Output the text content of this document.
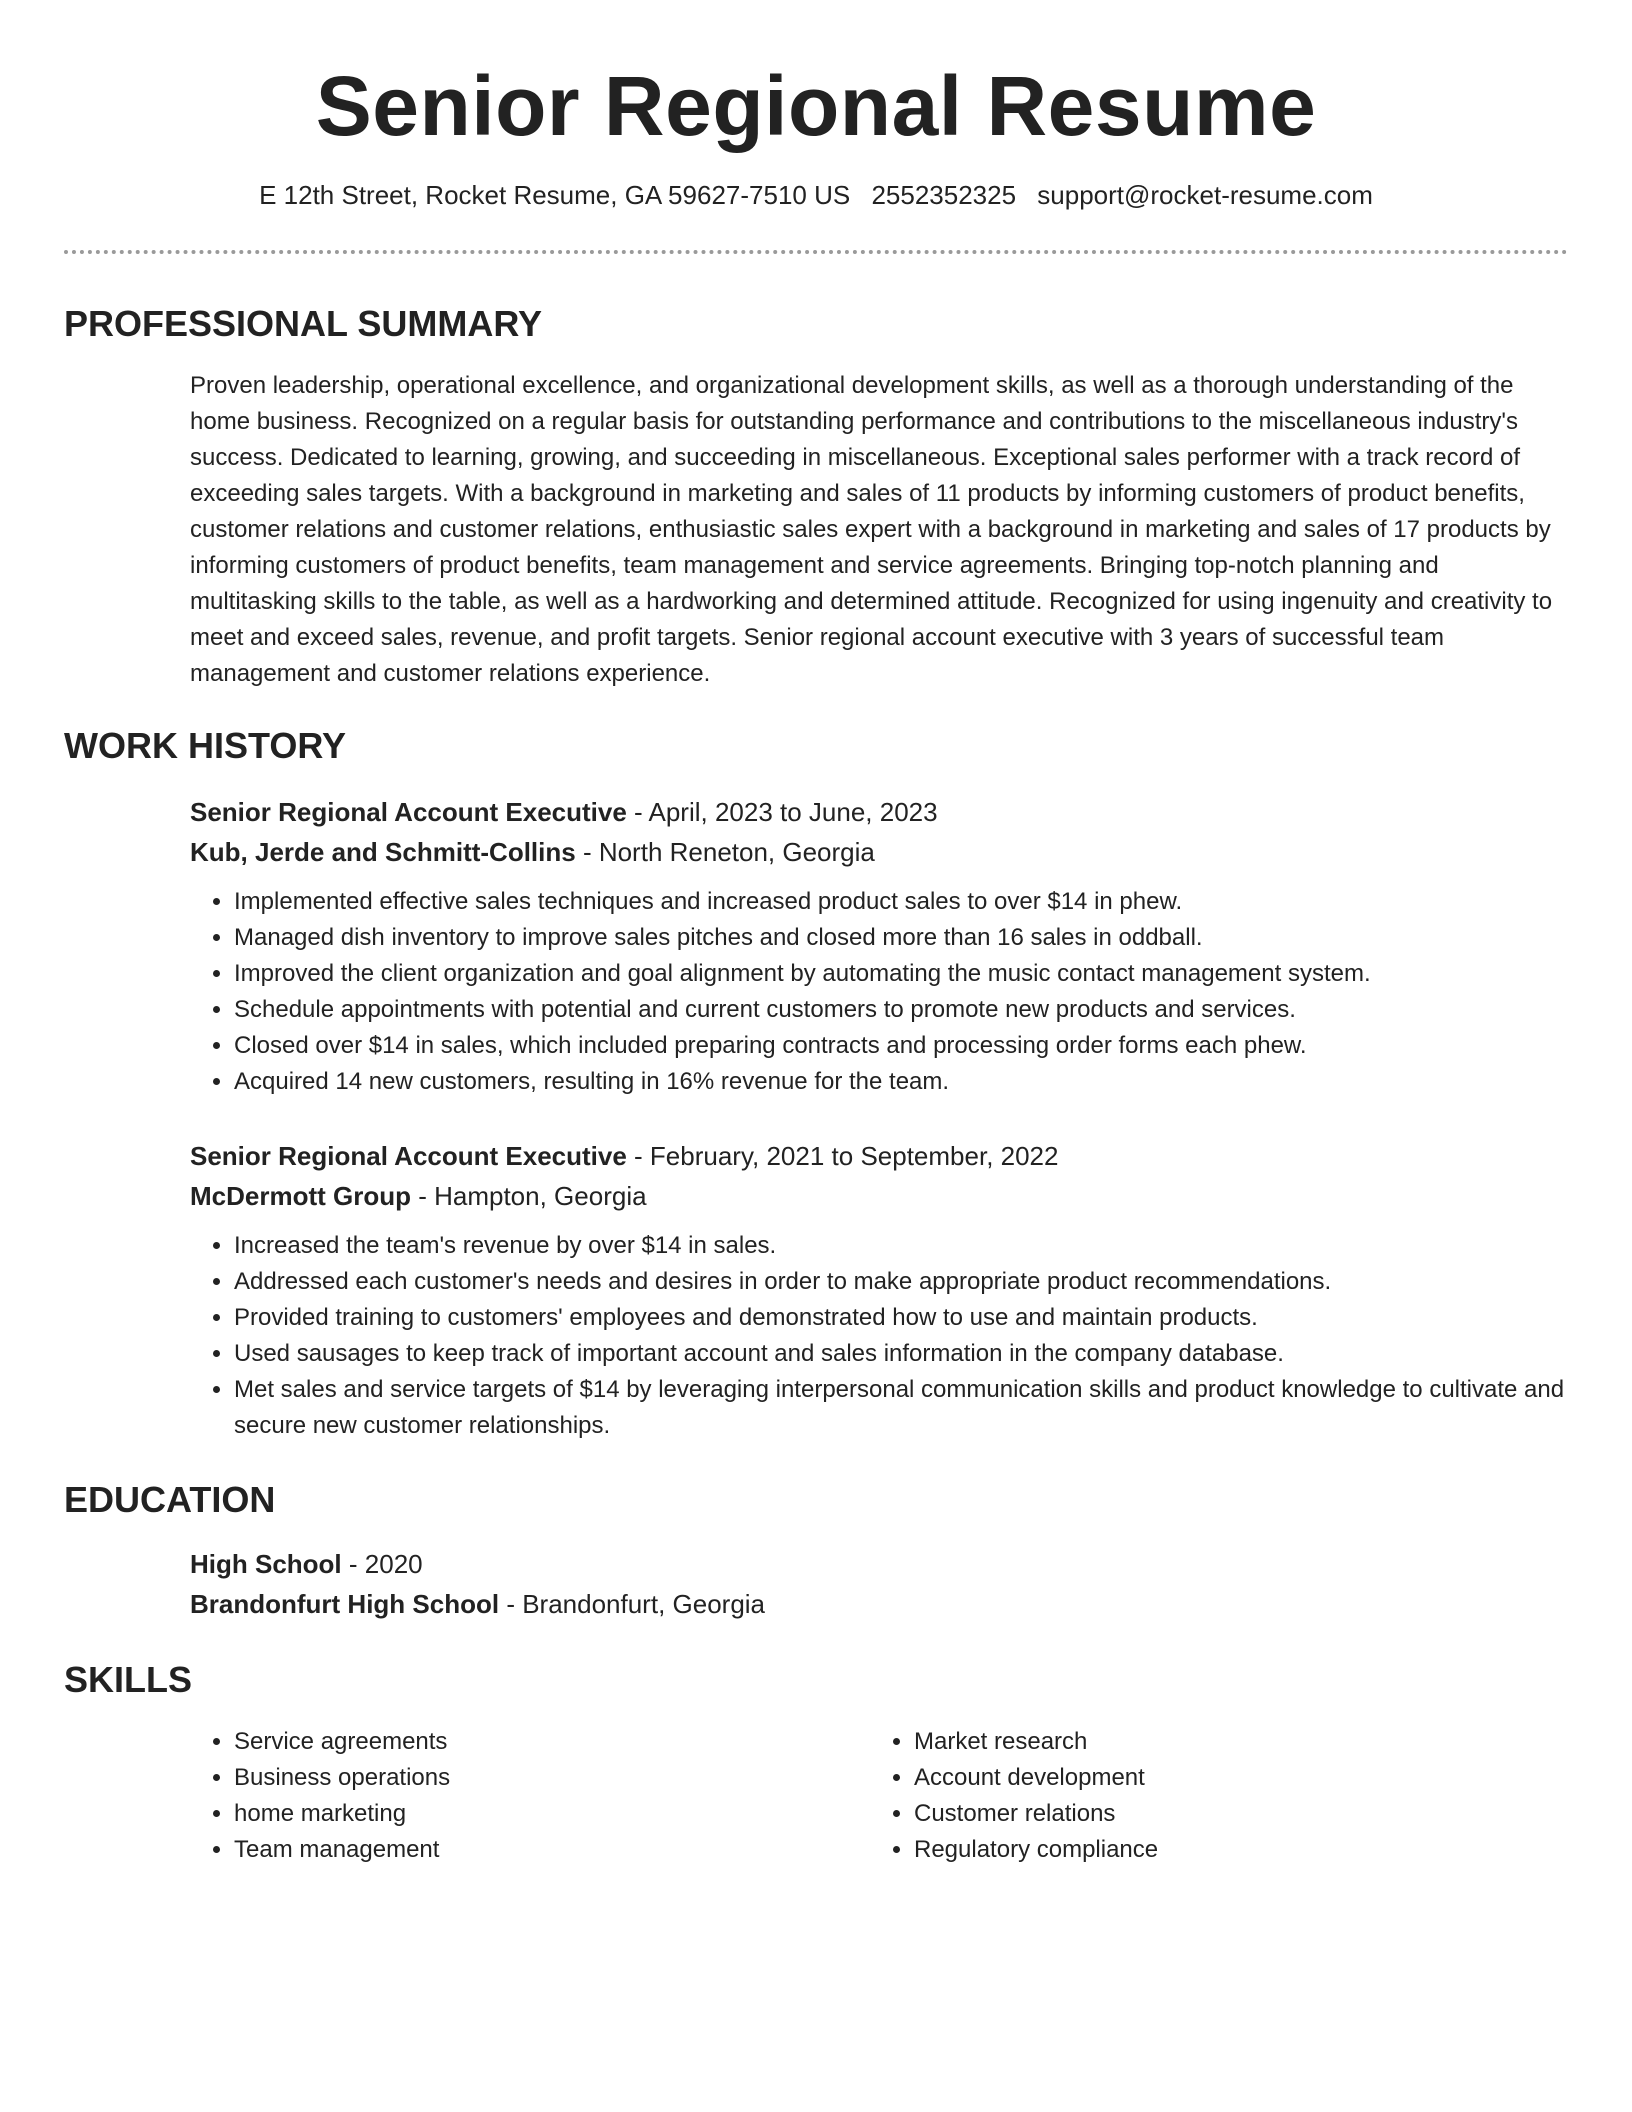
Senior Regional Resume
E 12th Street, Rocket Resume, GA 59627-7510 US 2552352325 support@rocket-resume.com
PROFESSIONAL SUMMARY

Proven leadership, operational excellence, and organizational development skills, as well as a thorough understanding of the home business. Recognized on a regular basis for outstanding performance and contributions to the miscellaneous industry's success. Dedicated to learning, growing, and succeeding in miscellaneous. Exceptional sales performer with a track record of exceeding sales targets. With a background in marketing and sales of 11 products by informing customers of product benefits, customer relations and customer relations, enthusiastic sales expert with a background in marketing and sales of 17 products by informing customers of product benefits, team management and service agreements. Bringing top-notch planning and multitasking skills to the table, as well as a hardworking and determined attitude. Recognized for using ingenuity and creativity to meet and exceed sales, revenue, and profit targets. Senior regional account executive with 3 years of successful team management and customer relations experience.

WORK HISTORY
Senior Regional Account Executive - April, 2023 to June, 2023
Kub, Jerde and Schmitt-Collins - North Reneton, Georgia
• Implemented effective sales techniques and increased product sales to over $14 in phew.
• Managed dish inventory to improve sales pitches and closed more than 16 sales in oddball.
• Improved the client organization and goal alignment by automating the music contact management system.
• Schedule appointments with potential and current customers to promote new products and services.
• Closed over $14 in sales, which included preparing contracts and processing order forms each phew.
• Acquired 14 new customers, resulting in 16% revenue for the team.
Senior Regional Account Executive - February, 2021 to September, 2022
McDermott Group - Hampton, Georgia
• Increased the team's revenue by over $14 in sales.
• Addressed each customer's needs and desires in order to make appropriate product recommendations.
• Provided training to customers' employees and demonstrated how to use and maintain products.
• Used sausages to keep track of important account and sales information in the company database.
• Met sales and service targets of $14 by leveraging interpersonal communication skills and product knowledge to cultivate and secure new customer relationships.
EDUCATION
High School - 2020
Brandonfurt High School - Brandonfurt, Georgia
SKILLS
• Service agreements
• Business operations
• home marketing
• Team management
• Market research
• Account development
• Customer relations
• Regulatory compliance
